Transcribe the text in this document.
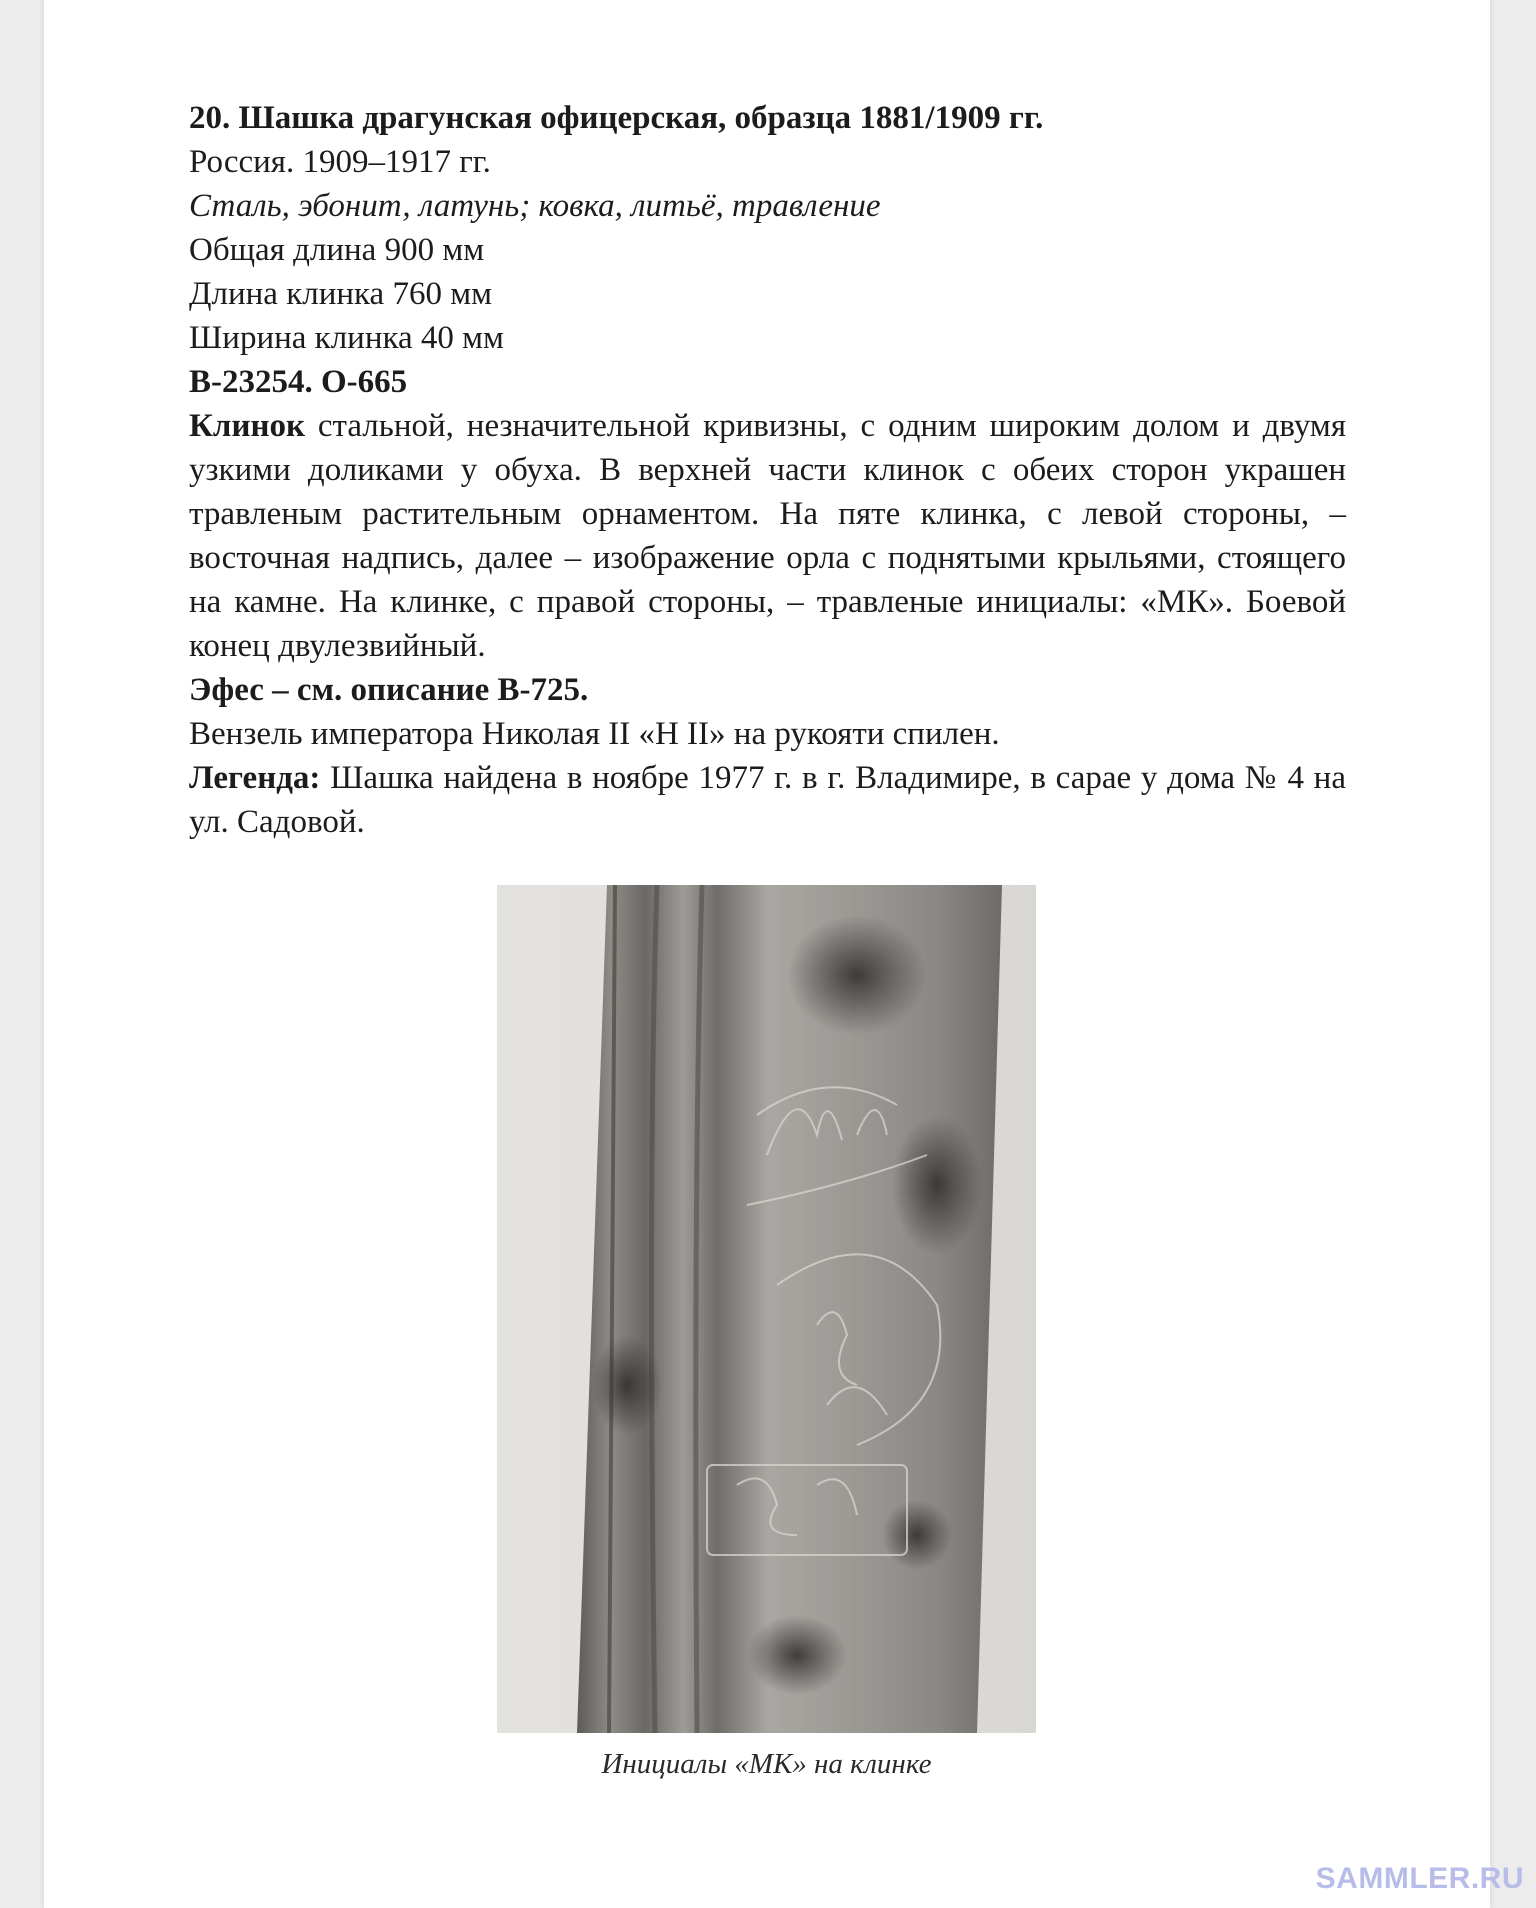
20. Шашка драгунская офицерская, образца 1881/1909 гг.
Россия. 1909–1917 гг.
Сталь, эбонит, латунь; ковка, литьё, травление
Общая длина 900 мм
Длина клинка 760 мм
Ширина клинка 40 мм
В-23254. О-665

Клинок стальной, незначительной кривизны, с одним широким долом и двумя узкими доликами у обуха. В верхней части клинок с обеих сторон украшен травленым растительным орнаментом. На пяте клинка, с левой стороны, – восточная надпись, далее – изображение орла с поднятыми крыльями, стоящего на камне. На клинке, с правой стороны, – травленые инициалы: «МК». Боевой конец двулезвийный.

Эфес – см. описание В-725.
Вензель императора Николая II «Н II» на рукояти спилен.

Легенда: Шашка найдена в ноябре 1977 г. в г. Владимире, в сарае у дома № 4 на ул. Садовой.

Инициалы «МК» на клинке
SAMMLER.RU
